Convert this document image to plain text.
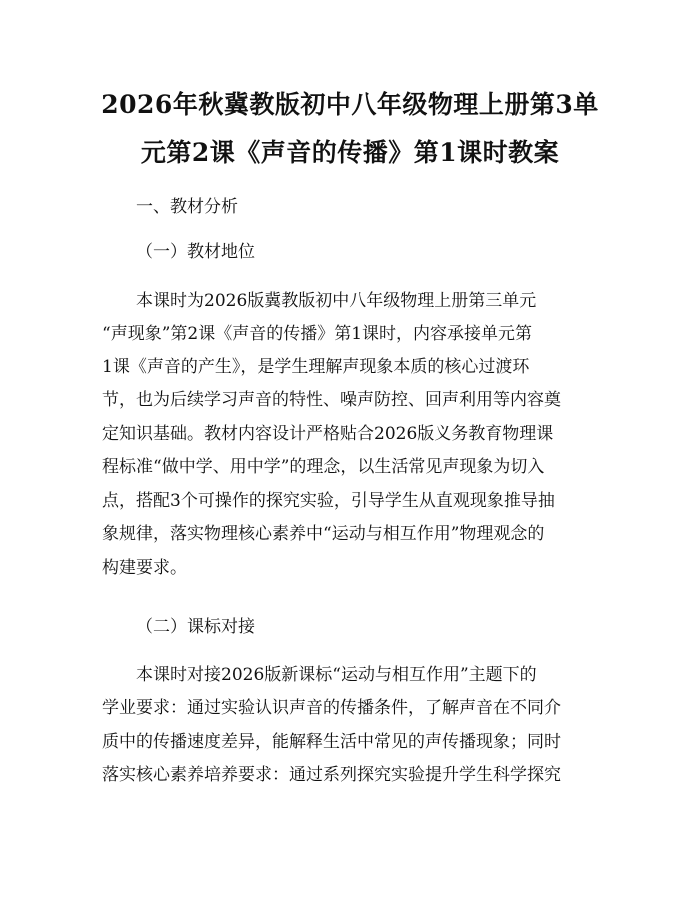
2026年秋冀教版初中八年级物理上册第3单
元第2课《声音的传播》第1课时教案
一、教材分析
（一）教材地位
本课时为2026版冀教版初中八年级物理上册第三单元
“声现象”第2课《声音的传播》第1课时，内容承接单元第
1课《声音的产生》，是学生理解声现象本质的核心过渡环
节，也为后续学习声音的特性、噪声防控、回声利用等内容奠
定知识基础。教材内容设计严格贴合2026版义务教育物理课
程标准“做中学、用中学”的理念，以生活常见声现象为切入
点，搭配3个可操作的探究实验，引导学生从直观现象推导抽
象规律，落实物理核心素养中“运动与相互作用”物理观念的
构建要求。
（二）课标对接
本课时对接2026版新课标“运动与相互作用”主题下的
学业要求：通过实验认识声音的传播条件，了解声音在不同介
质中的传播速度差异，能解释生活中常见的声传播现象；同时
落实核心素养培养要求：通过系列探究实验提升学生科学探究
